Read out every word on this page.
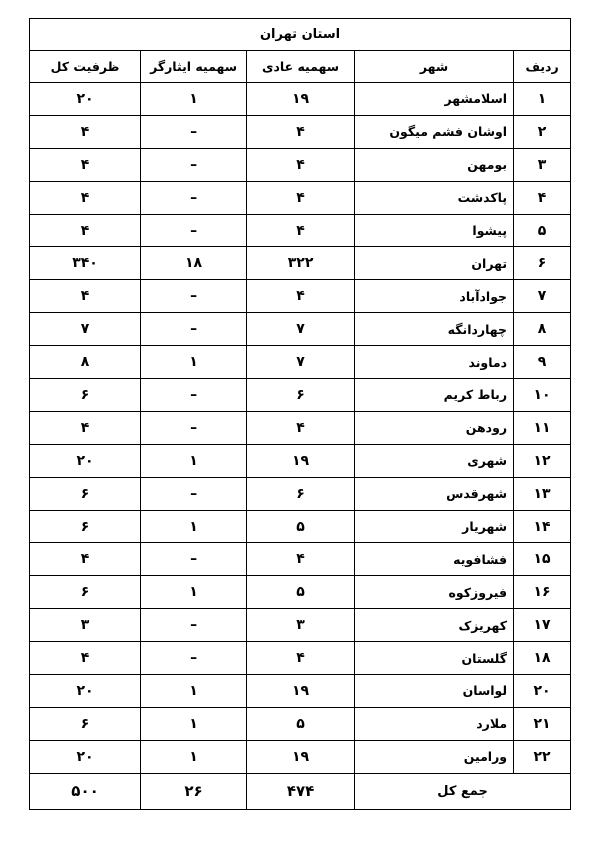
استان تهران				
ردیف	شهر	سهمیه عادی	سهمیه ایثارگر	ظرفیت کل
۱	اسلامشهر	۱۹	۱	۲۰
۲	اوشان فشم میگون	۴	–	۴
۳	بومهن	۴	–	۴
۴	پاکدشت	۴	–	۴
۵	پیشوا	۴	–	۴
۶	تهران	۳۲۲	۱۸	۳۴۰
۷	جوادآباد	۴	–	۴
۸	چهاردانگه	۷	–	۷
۹	دماوند	۷	۱	۸
۱۰	رباط کریم	۶	–	۶
۱۱	رودهن	۴	–	۴
۱۲	شهری	۱۹	۱	۲۰
۱۳	شهرقدس	۶	–	۶
۱۴	شهریار	۵	۱	۶
۱۵	فشافویه	۴	–	۴
۱۶	فیروزکوه	۵	۱	۶
۱۷	کهریزک	۳	–	۳
۱۸	گلستان	۴	–	۴
۲۰	لواسان	۱۹	۱	۲۰
۲۱	ملارد	۵	۱	۶
۲۲	ورامین	۱۹	۱	۲۰
جمع کل		۴۷۴	۲۶	۵۰۰
